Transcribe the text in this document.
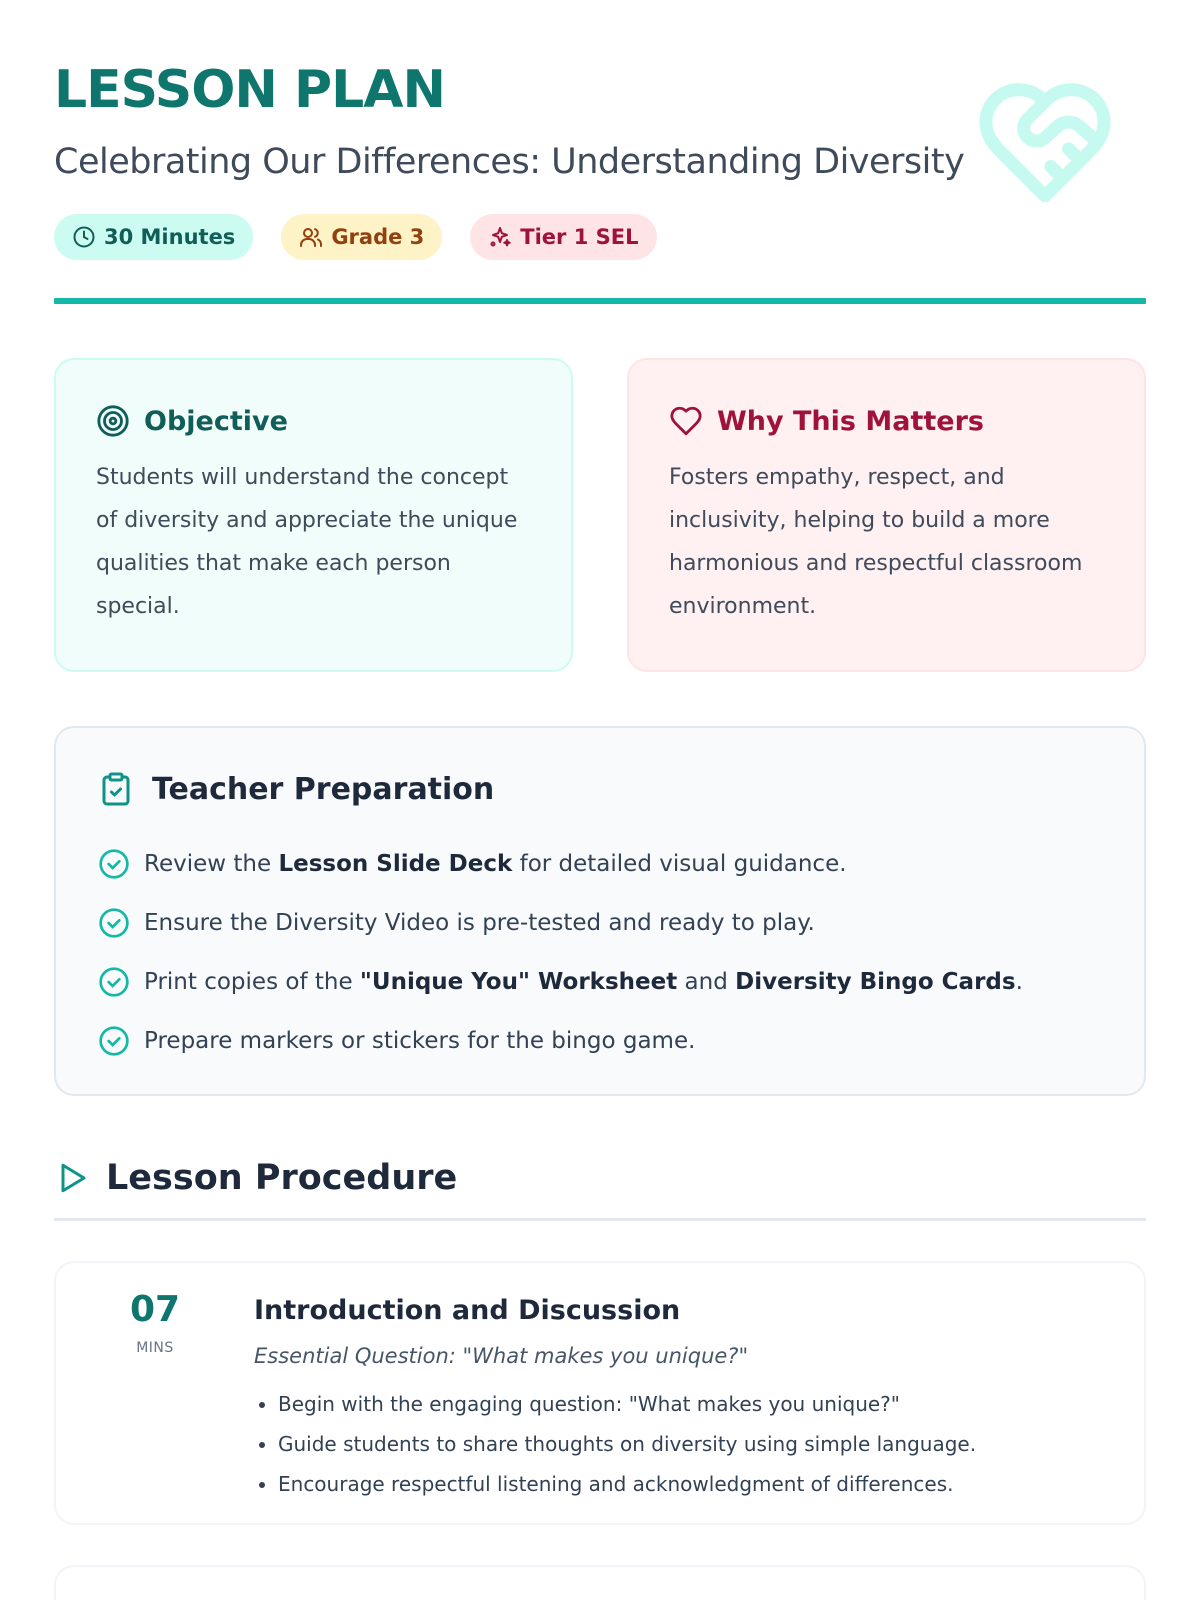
LESSON PLAN
Celebrating Our Differences: Understanding Diversity
30 Minutes	Grade 3	Tier 1 SEL
Objective

Students will understand the concept of diversity and appreciate the unique qualities that make each person special.

Why This Matters

Fosters empathy, respect, and inclusivity, helping to build a more harmonious and respectful classroom environment.

Teacher Preparation
Review the Lesson Slide Deck for detailed visual guidance.
Ensure the Diversity Video is pre-tested and ready to play.
Print copies of the "Unique You" Worksheet and Diversity Bingo Cards.
Prepare markers or stickers for the bingo game.
Lesson Procedure
07
MINS
Introduction and Discussion
Essential Question: "What makes you unique?"
• Begin with the engaging question: "What makes you unique?"
• Guide students to share thoughts on diversity using simple language.
• Encourage respectful listening and acknowledgment of differences.
